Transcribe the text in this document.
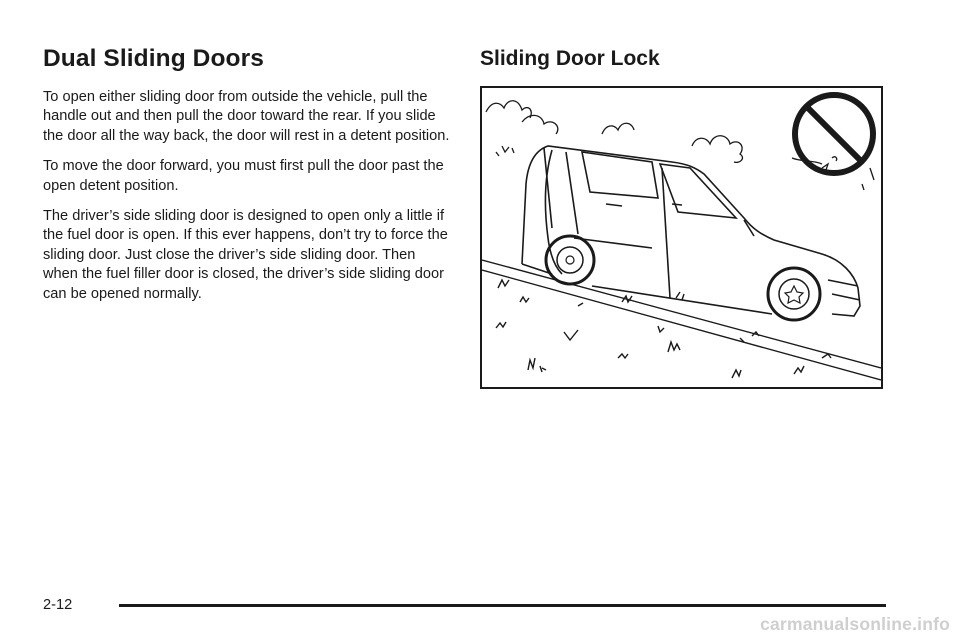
Dual Sliding Doors

To open either sliding door from outside the vehicle, pull the handle out and then pull the door toward the rear. If you slide the door all the way back, the door will rest in a detent position.

To move the door forward, you must first pull the door past the open detent position.

The driver’s side sliding door is designed to open only a little if the fuel door is open. If this ever happens, don’t try to force the sliding door. Just close the driver’s side sliding door. Then when the fuel filler door is closed, the driver’s side sliding door can be opened normally.

Sliding Door Lock
2-12
carmanualsonline.info
